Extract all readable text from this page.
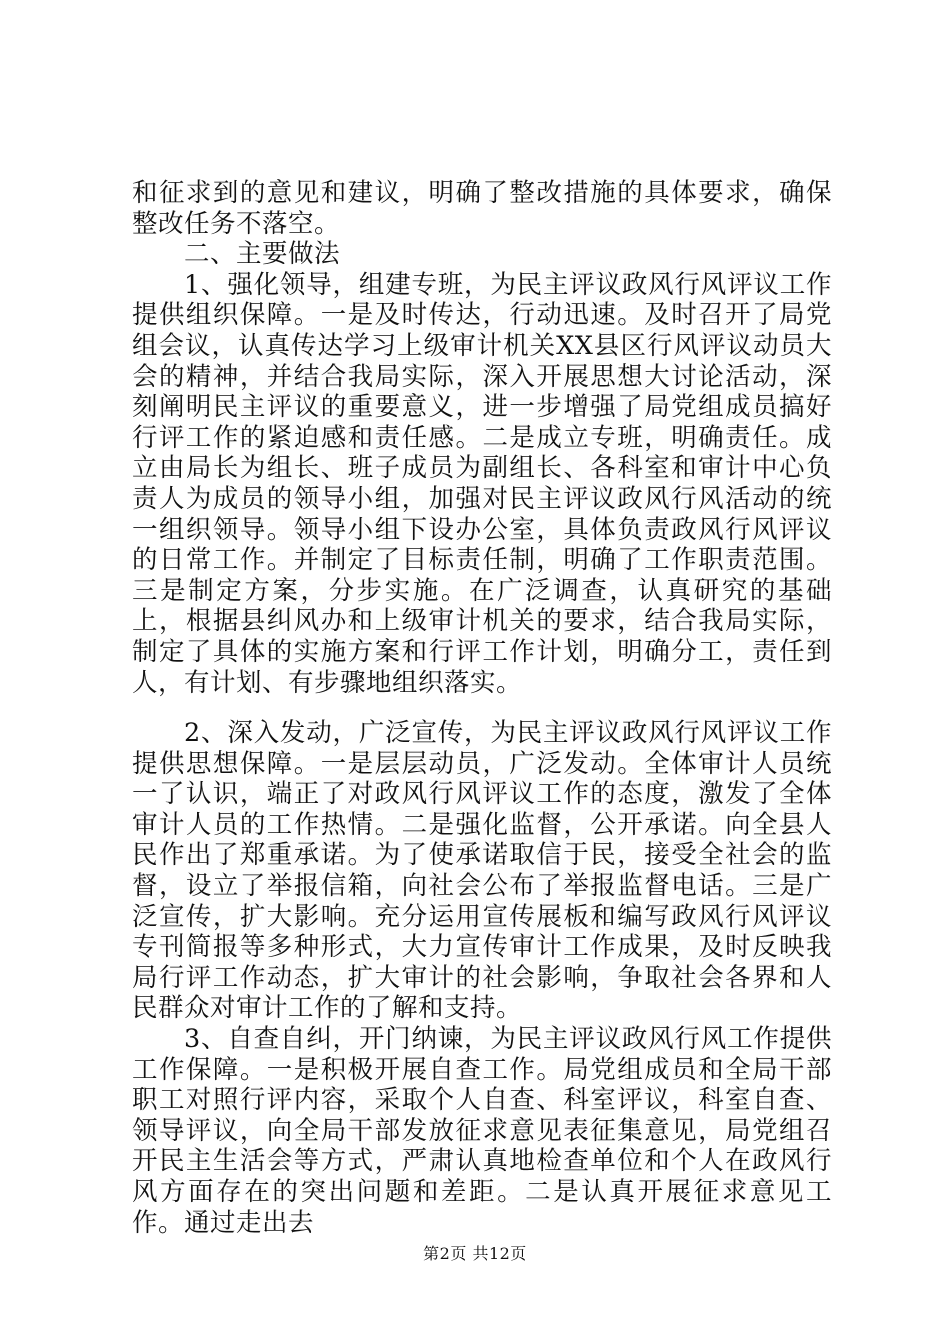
和征求到的意见和建议，明确了整改措施的具体要求，确保整改任务不落空。

二、主要做法

1、强化领导，组建专班，为民主评议政风行风评议工作提供组织保障。一是及时传达，行动迅速。及时召开了局党组会议，认真传达学习上级审计机关XX县区行风评议动员大会的精神，并结合我局实际，深入开展思想大讨论活动，深刻阐明民主评议的重要意义，进一步增强了局党组成员搞好行评工作的紧迫感和责任感。二是成立专班，明确责任。成立由局长为组长、班子成员为副组长、各科室和审计中心负责人为成员的领导小组，加强对民主评议政风行风活动的统一组织领导。领导小组下设办公室，具体负责政风行风评议的日常工作。并制定了目标责任制，明确了工作职责范围。三是制定方案，分步实施。在广泛调查，认真研究的基础上，根据县纠风办和上级审计机关的要求，结合我局实际，制定了具体的实施方案和行评工作计划，明确分工，责任到人，有计划、有步骤地组织落实。

2、深入发动，广泛宣传，为民主评议政风行风评议工作提供思想保障。一是层层动员，广泛发动。全体审计人员统一了认识，端正了对政风行风评议工作的态度，激发了全体审计人员的工作热情。二是强化监督，公开承诺。向全县人民作出了郑重承诺。为了使承诺取信于民，接受全社会的监督，设立了举报信箱，向社会公布了举报监督电话。三是广泛宣传，扩大影响。充分运用宣传展板和编写政风行风评议专刊简报等多种形式，大力宣传审计工作成果，及时反映我局行评工作动态，扩大审计的社会影响，争取社会各界和人民群众对审计工作的了解和支持。

3、自查自纠，开门纳谏，为民主评议政风行风工作提供工作保障。一是积极开展自查工作。局党组成员和全局干部职工对照行评内容，采取个人自查、科室评议，科室自查、领导评议，向全局干部发放征求意见表征集意见，局党组召开民主生活会等方式，严肃认真地检查单位和个人在政风行风方面存在的突出问题和差距。二是认真开展征求意见工作。通过走出去

第2页 共12页
